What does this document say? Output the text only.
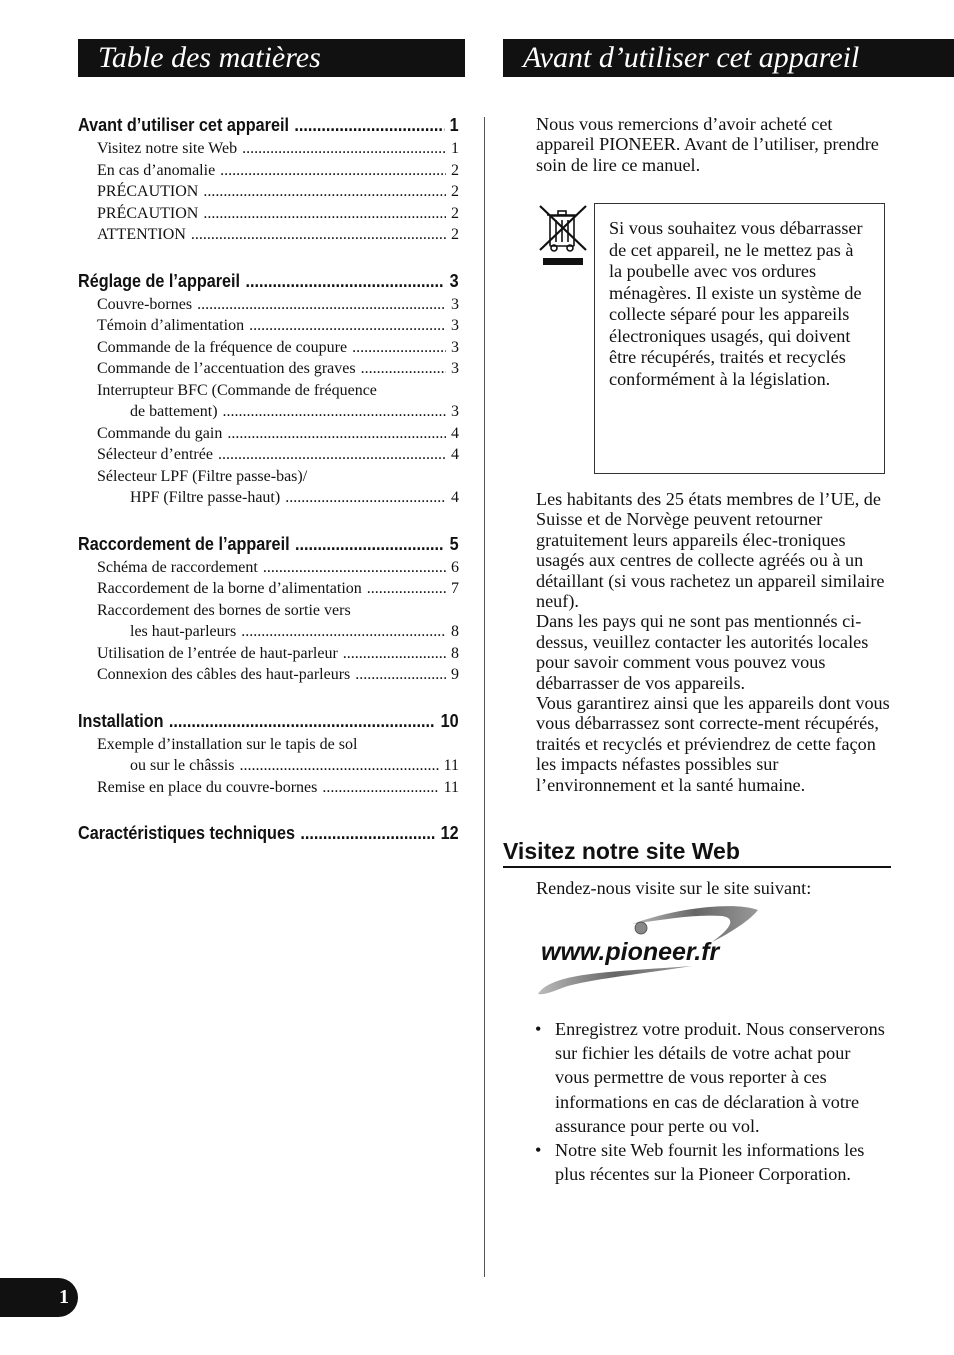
Table des matières	Avant d’utiliser cet appareil
Avant d’utiliser cet appareil .....	1
Visitez notre site Web .....	1
En cas d’anomalie .....	2
PRÉCAUTION .....	2
PRÉCAUTION .....	2
ATTENTION .....	2
Réglage de l’appareil .....	3
Couvre-bornes .....	3
Témoin d’alimentation .....	3
Commande de la fréquence de coupure .....	3
Commande de l’accentuation des graves .....	3
Interrupteur BFC (Commande de fréquence
de battement) .....	3
Commande du gain .....	4
Sélecteur d’entrée .....	4
Sélecteur LPF (Filtre passe-bas)/
HPF (Filtre passe-haut) .....	4
Raccordement de l’appareil .....	5
Schéma de raccordement .....	6
Raccordement de la borne d’alimentation .....	7
Raccordement des bornes de sortie vers
les haut-parleurs .....	8
Utilisation de l’entrée de haut-parleur .....	8
Connexion des câbles des haut-parleurs .....	9
Installation .....	10
Exemple d’installation sur le tapis de sol
ou sur le châssis .....	11
Remise en place du couvre-bornes .....	11
Caractéristiques techniques .....	12
Nous vous remercions d’avoir acheté cet appareil PIONEER. Avant de l’utiliser, prendre soin de lire ce manuel.
Si vous souhaitez vous débarrasser de cet appareil, ne le mettez pas à la poubelle avec vos ordures ménagères. Il existe un système de collecte séparé pour les appareils électroniques usagés, qui doivent être récupérés, traités et recyclés conformément à la législation.
Les habitants des 25 états membres de l’UE, de Suisse et de Norvège peuvent retourner gratuitement leurs appareils élec-troniques usagés aux centres de collecte agréés ou à un détaillant (si vous rachetez un appareil similaire neuf).
Dans les pays qui ne sont pas mentionnés ci-dessus, veuillez contacter les autorités locales pour savoir comment vous pouvez vous débarrasser de vos appareils.
Vous garantirez ainsi que les appareils dont vous vous débarrassez sont correcte-ment récupérés, traités et recyclés et préviendrez de cette façon les impacts néfastes possibles sur l’environnement et la santé humaine.
Visitez notre site Web
Rendez-nous visite sur le site suivant:
www.pioneer.fr
• Enregistrez votre produit. Nous conserverons sur fichier les détails de votre achat pour vous permettre de vous reporter à ces informations en cas de déclaration à votre assurance pour perte ou vol.
• Notre site Web fournit les informations les plus récentes sur la Pioneer Corporation.
1
